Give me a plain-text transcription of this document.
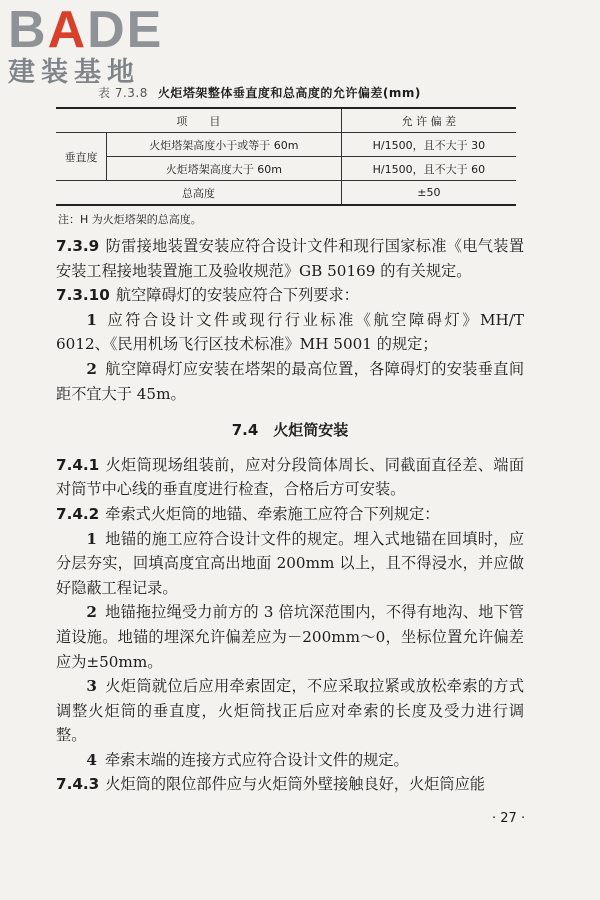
BADE
建装基地
表 7.3.8 火炬塔架整体垂直度和总高度的允许偏差(mm)
项　　目		允 许 偏 差
垂直度	火炬塔架高度小于或等于 60m	H/1500，且不大于 30
	火炬塔架高度大于 60m	H/1500，且不大于 60
总高度		±50
注：H 为火炬塔架的总高度。

7.3.9 防雷接地装置安装应符合设计文件和现行国家标准《电气装置安装工程接地装置施工及验收规范》GB 50169 的有关规定。

7.3.10 航空障碍灯的安装应符合下列要求：

1 应符合设计文件或现行行业标准《航空障碍灯》MH/T 6012、《民用机场飞行区技术标准》MH 5001 的规定；

2 航空障碍灯应安装在塔架的最高位置，各障碍灯的安装垂直间距不宜大于 45m。

7.4　火炬筒安装

7.4.1 火炬筒现场组装前，应对分段筒体周长、同截面直径差、端面对筒节中心线的垂直度进行检查，合格后方可安装。

7.4.2 牵索式火炬筒的地锚、牵索施工应符合下列规定：

1 地锚的施工应符合设计文件的规定。埋入式地锚在回填时，应分层夯实，回填高度宜高出地面 200mm 以上，且不得浸水，并应做好隐蔽工程记录。

2 地锚拖拉绳受力前方的 3 倍坑深范围内，不得有地沟、地下管道设施。地锚的埋深允许偏差应为－200mm～0，坐标位置允许偏差应为±50mm。

3 火炬筒就位后应用牵索固定，不应采取拉紧或放松牵索的方式调整火炬筒的垂直度，火炬筒找正后应对牵索的长度及受力进行调整。

4 牵索末端的连接方式应符合设计文件的规定。

7.4.3 火炬筒的限位部件应与火炬筒外壁接触良好，火炬筒应能

· 27 ·
